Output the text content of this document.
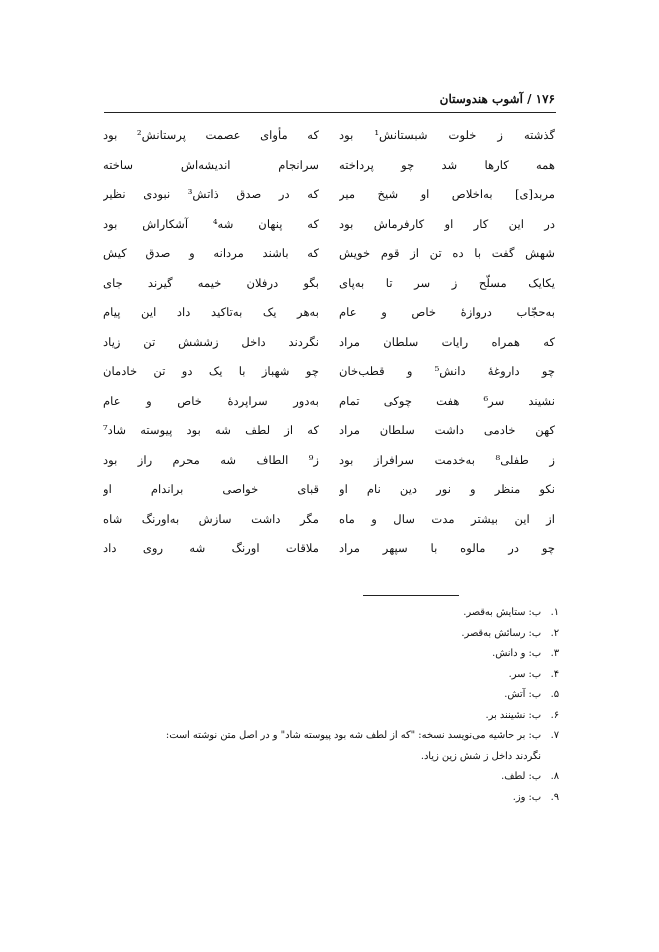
۱۷۶ / آشوب هندوستان
گذشته ز خلوت شبستانش¹ بود
که مأوای عصمت پرستانش² بود
همه کارها شد چو پرداخته
سرانجام اندیشه‌اش ساخته
مربد[ی] به‌اخلاص او شیخ میر
که در صدق ذاتش³ نبودی نظیر
در این کار او کارفرماش بود
که پنهان شه⁴ آشکاراش بود
شهش گفت با ده تن از قوم خویش
که باشند مردانه و صدق کیش
یکایک مسلّح ز سر تا به‌پای
بگو درفلان خیمه گیرند جای
به‌حجّاب دروازهٔ خاص و عام
به‌هر یک به‌تاکید داد این پیام
که همراه رایات سلطان مراد
نگردند داخل زششش تن زیاد
چو داروغهٔ دانش⁵ و قطب‌خان
چو شهباز با یک دو تن خادمان
نشیند سر⁶ هفت چوکی تمام
به‌دور سراپردهٔ خاص و عام
کهن خادمی داشت سلطان مراد
که از لطف شه بود پیوسته شاد⁷
ز طفلی⁸ به‌خدمت سرافراز بود
ز⁹ الطاف شه محرم راز بود
نکو منظر و نور دین نام او
قبای خواصی براندام او
از این بیشتر مدت سال و ماه
مگر داشت سازش به‌اورنگ شاه
چو در مالوه با سپهر مراد
ملاقات اورنگ شه روی داد
۱.
ب: ستایش به‌قصر.
۲.
ب: رسائش به‌قصر.
۳.
ب: و دانش.
۴.
ب: سر.
۵.
ب: آتش.
۶.
ب: نشینند بر.
۷.
ب: بر حاشیه می‌نویسد نسخه: "که از لطف شه بود پیوسته شاد" و در اصل متن نوشته است:
نگردند داخل ز شش زین زیاد.
۸.
ب: لطف.
۹.
ب: وز.
